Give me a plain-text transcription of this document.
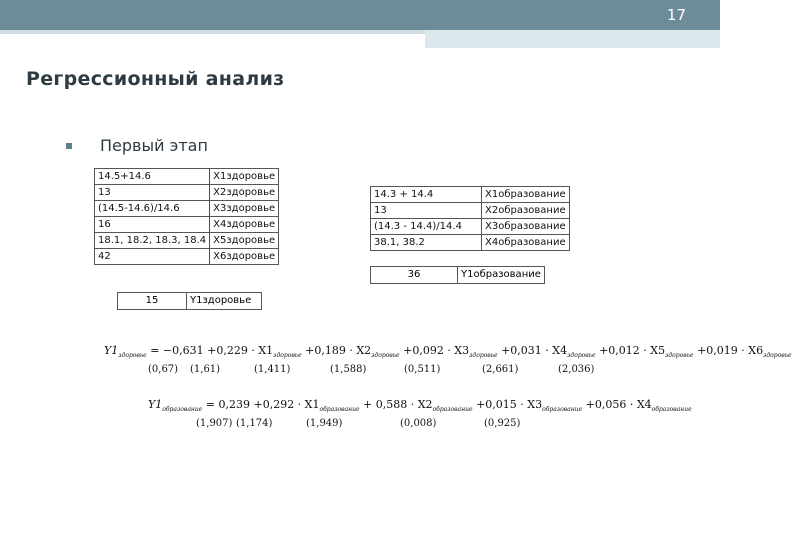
17
Регрессионный анализ
Первый этап
14.5+14.6	X1здоровье
13	X2здоровье
(14.5-14.6)/14.6	X3здоровье
16	X4здоровье
18.1, 18.2, 18.3, 18.4	X5здоровье
42	X6здоровье
15	Y1здоровье
14.3 + 14.4	X1образование
13	X2образование
(14.3 - 14.4)/14.4	X3образование
38.1, 38.2	X4образование
36	Y1образование
$Y1_{здоровье} = -0,631 +0,229 \cdot X1_{здоровье} +0,189 \cdot X2_{здоровье} +0,092 \cdot X3_{здоровье} +0,031 \cdot X4_{здоровье} +0,012 \cdot X5_{здоровье} +0,019 \cdot X6_{здоровье}$
(0,67) (1,61)	(1,411)	(1,588)	(0,511)	(2,661)	(2,036)
$Y1_{образование} = 0,239 +0,292 \cdot X1_{образование} + 0,588 \cdot X2_{образование} +0,015 \cdot X3_{образование} +0,056 \cdot X4_{образование}$
(1,907) (1,174)	(1,949)	(0,008)	(0,925)
